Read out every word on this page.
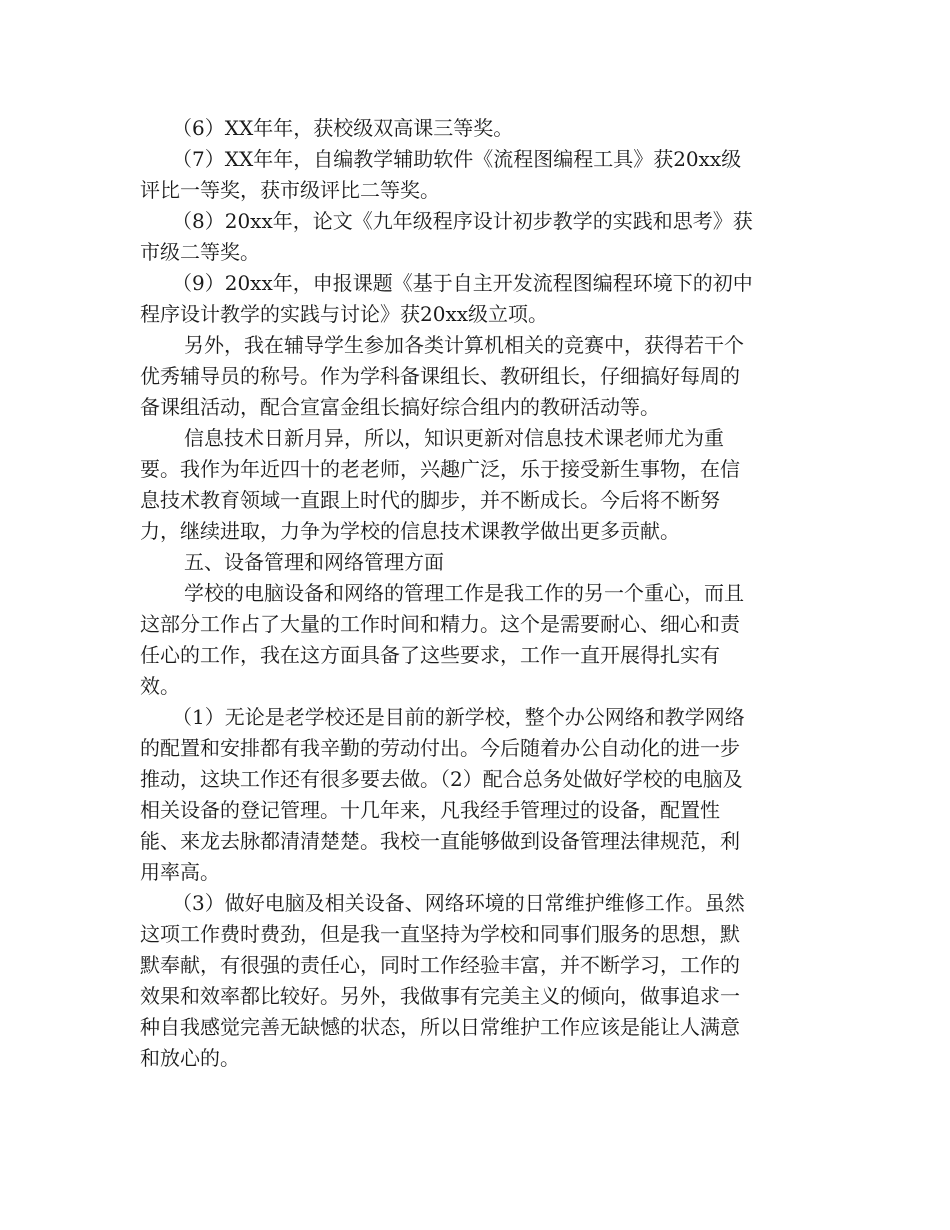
（6）XX年年，获校级双高课三等奖。
（7）XX年年，自编教学辅助软件《流程图编程工具》获20xx级
评比一等奖，获市级评比二等奖。
（8）20xx年，论文《九年级程序设计初步教学的实践和思考》获
市级二等奖。
（9）20xx年，申报课题《基于自主开发流程图编程环境下的初中
程序设计教学的实践与讨论》获20xx级立项。
另外，我在辅导学生参加各类计算机相关的竞赛中，获得若干个
优秀辅导员的称号。作为学科备课组长、教研组长，仔细搞好每周的
备课组活动，配合宣富金组长搞好综合组内的教研活动等。
信息技术日新月异，所以，知识更新对信息技术课老师尤为重
要。我作为年近四十的老老师，兴趣广泛，乐于接受新生事物，在信
息技术教育领域一直跟上时代的脚步，并不断成长。今后将不断努
力，继续进取，力争为学校的信息技术课教学做出更多贡献。
五、设备管理和网络管理方面
学校的电脑设备和网络的管理工作是我工作的另一个重心，而且
这部分工作占了大量的工作时间和精力。这个是需要耐心、细心和责
任心的工作，我在这方面具备了这些要求，工作一直开展得扎实有
效。
（1）无论是老学校还是目前的新学校，整个办公网络和教学网络
的配置和安排都有我辛勤的劳动付出。今后随着办公自动化的进一步
推动，这块工作还有很多要去做。（2）配合总务处做好学校的电脑及
相关设备的登记管理。十几年来，凡我经手管理过的设备，配置性
能、来龙去脉都清清楚楚。我校一直能够做到设备管理法律规范，利
用率高。
（3）做好电脑及相关设备、网络环境的日常维护维修工作。虽然
这项工作费时费劲，但是我一直坚持为学校和同事们服务的思想，默
默奉献，有很强的责任心，同时工作经验丰富，并不断学习，工作的
效果和效率都比较好。另外，我做事有完美主义的倾向，做事追求一
种自我感觉完善无缺憾的状态，所以日常维护工作应该是能让人满意
和放心的。
